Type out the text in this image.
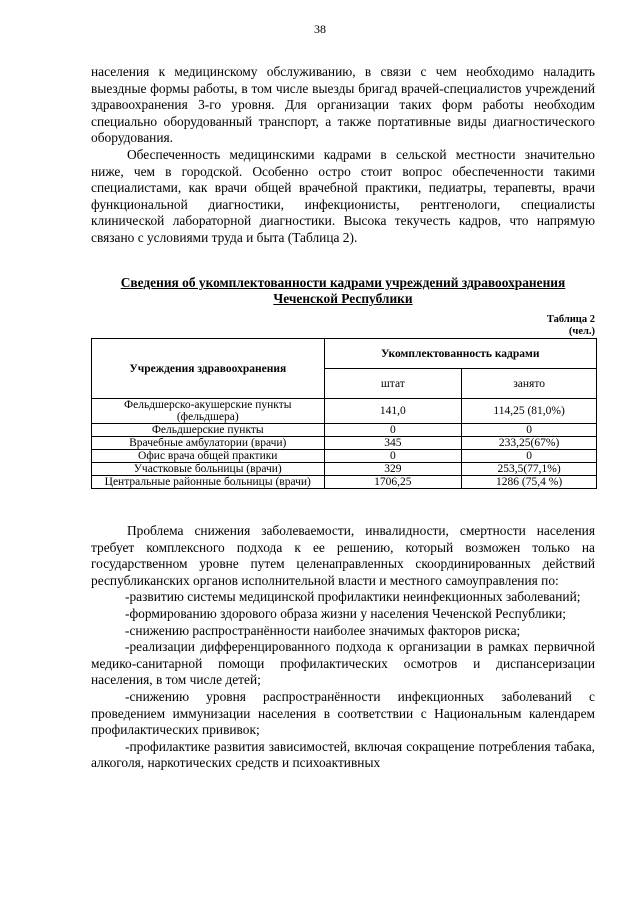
38

населения к медицинскому обслуживанию, в связи с чем необходимо наладить выездные формы работы, в том числе выезды бригад врачей-специалистов учреждений здравоохранения 3-го уровня. Для организации таких форм работы необходим специально оборудованный транспорт, а также портативные виды диагностического оборудования.

Обеспеченность медицинскими кадрами в сельской местности значительно ниже, чем в городской. Особенно остро стоит вопрос обеспеченности такими специалистами, как врачи общей врачебной практики, педиатры, терапевты, врачи функциональной диагностики, инфекционисты, рентгенологи, специалисты клинической лабораторной диагностики. Высока текучесть кадров, что напрямую связано с условиями труда и быта (Таблица 2).

Сведения об укомплектованности кадрами учреждений здравоохранения Чеченской Республики
Таблица 2
(чел.)
Учреждения здравоохранения	Укомплектованность кадрами	
	штат	занято
Фельдшерско-акушерские пункты (фельдшера)	141,0	114,25 (81,0%)
Фельдшерские пункты	0	0
Врачебные амбулатории (врачи)	345	233,25(67%)
Офис врача общей практики	0	0
Участковые больницы (врачи)	329	253,5(77,1%)
Центральные районные больницы (врачи)	1706,25	1286 (75,4 %)

Проблема снижения заболеваемости, инвалидности, смертности населения требует комплексного подхода к ее решению, который возможен только на государственном уровне путем целенаправленных скоординированных действий республиканских органов исполнительной власти и местного самоуправления по:

-развитию системы медицинской профилактики неинфекционных заболеваний;

-формированию здорового образа жизни у населения Чеченской Республики;

-снижению распространённости наиболее значимых факторов риска;

-реализации дифференцированного подхода к организации в рамках первичной медико-санитарной помощи профилактических осмотров и диспансеризации населения, в том числе детей;

-снижению уровня распространённости инфекционных заболеваний с проведением иммунизации населения в соответствии с Национальным календарем профилактических прививок;

-профилактике развития зависимостей, включая сокращение потребления табака, алкоголя, наркотических средств и психоактивных
